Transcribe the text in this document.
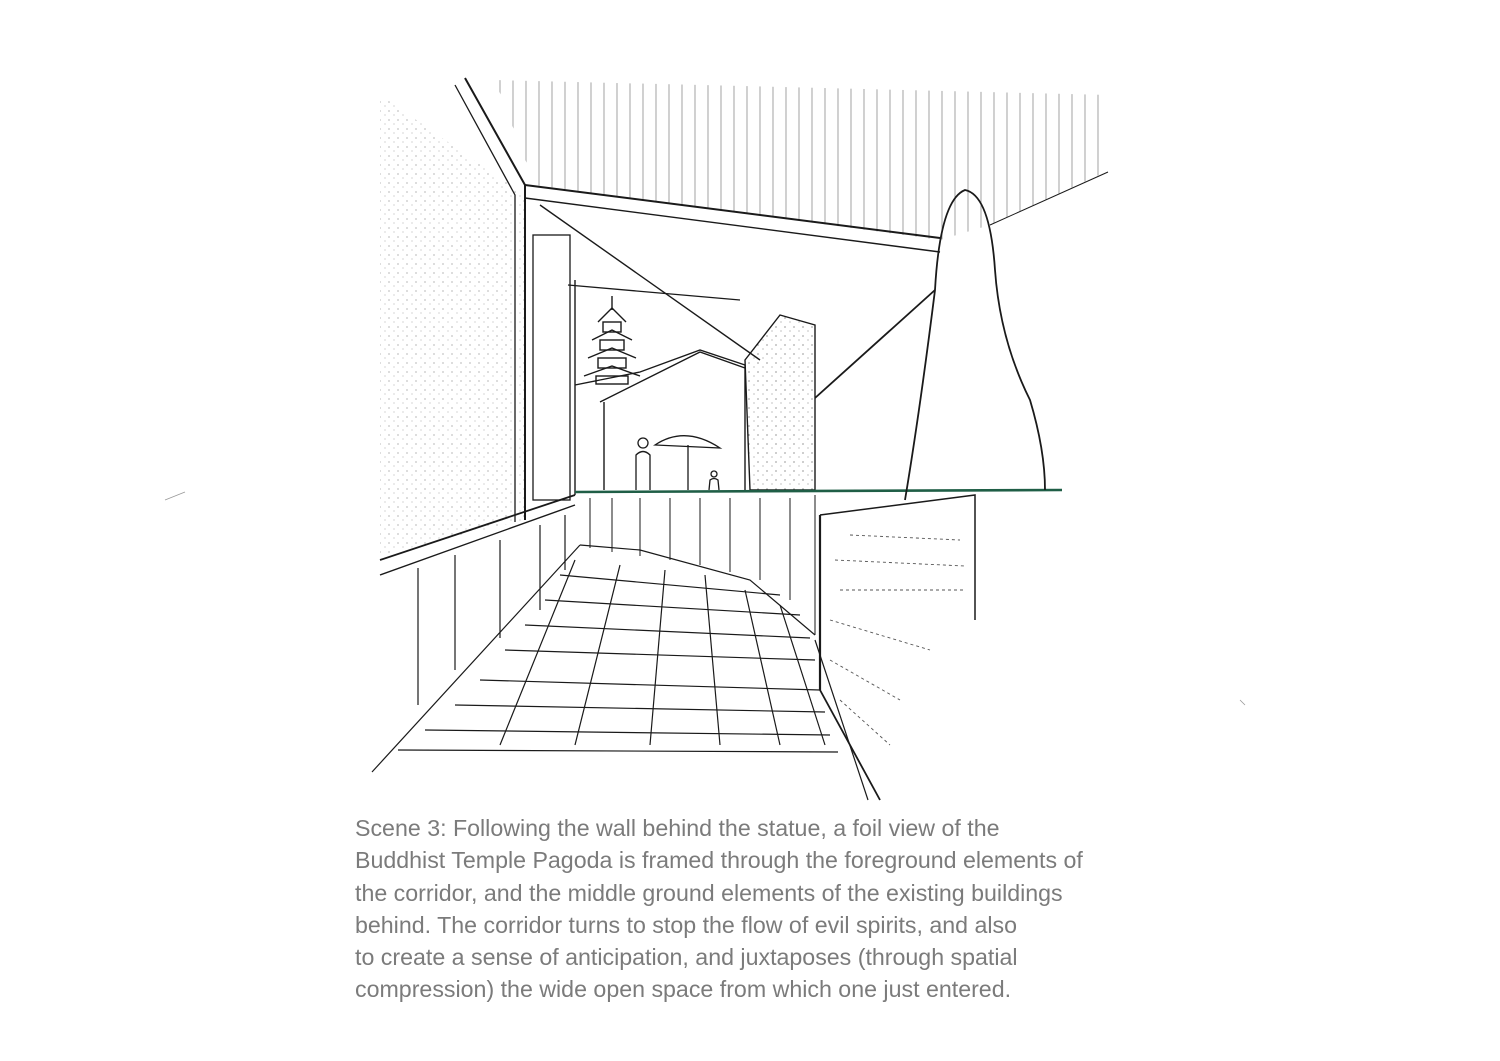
Scene 3: Following the wall behind the statue, a foil view of the
Buddhist Temple Pagoda is framed through the foreground elements of
the corridor, and the middle ground elements of the existing buildings
behind. The corridor turns to stop the flow of evil spirits, and also
to create a sense of anticipation, and juxtaposes (through spatial
compression) the wide open space from which one just entered.
